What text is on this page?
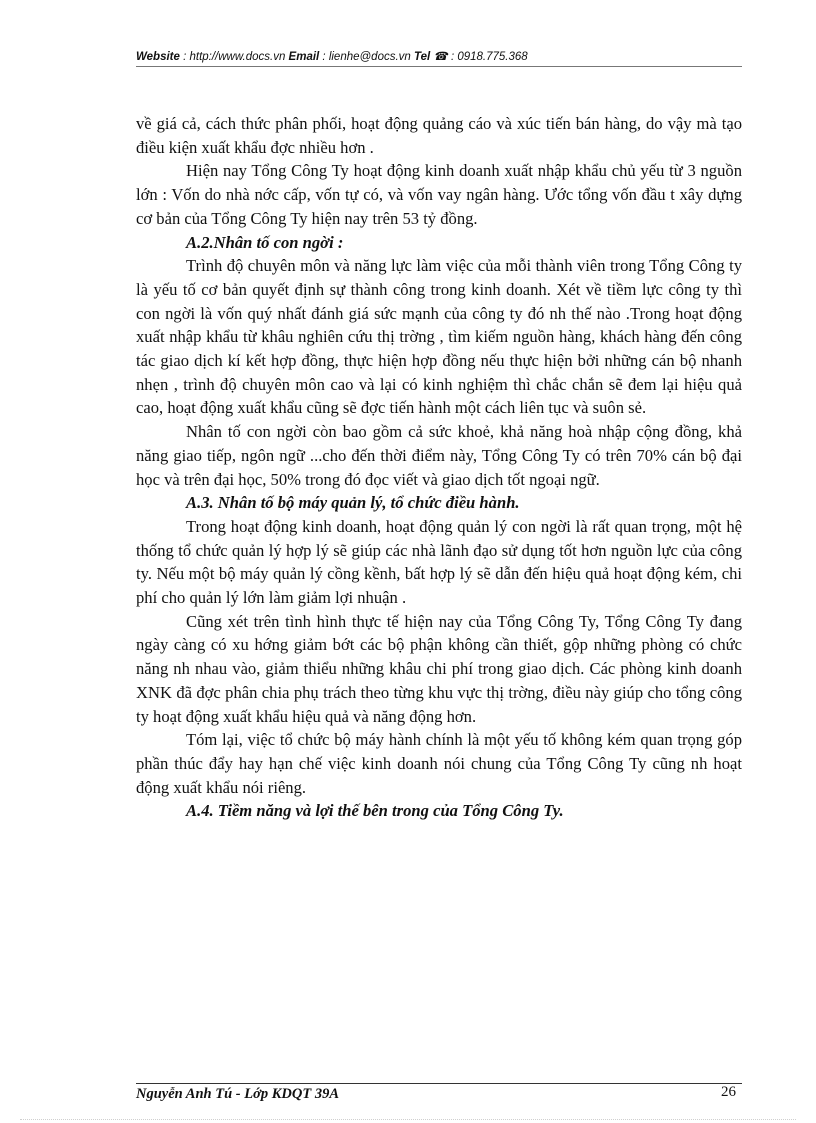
Website : http://www.docs.vn Email : lienhe@docs.vn Tel ☎ : 0918.775.368

về giá cả, cách thức phân phối, hoạt động quảng cáo và xúc tiến bán hàng, do vậy mà tạo điều kiện xuất khẩu đợc nhiều hơn .

Hiện nay Tổng Công Ty hoạt động kinh doanh xuất nhập khẩu chủ yếu từ 3 nguồn lớn : Vốn do nhà nớc cấp, vốn tự có, và vốn vay ngân hàng. Ước tổng vốn đầu t xây dựng cơ bản của Tổng Công Ty hiện nay trên 53 tỷ đồng.

A.2.Nhân tố con ngời :

Trình độ chuyên môn và năng lực làm việc của mỗi thành viên trong Tổng Công ty là yếu tố cơ bản quyết định sự thành công trong kinh doanh. Xét về tiềm lực công ty thì con ngời là vốn quý nhất đánh giá sức mạnh của công ty đó nh thế nào .Trong hoạt động xuất nhập khẩu từ khâu nghiên cứu thị trờng , tìm kiếm nguồn hàng, khách hàng đến công tác giao dịch kí kết hợp đồng, thực hiện hợp đồng nếu thực hiện bởi những cán bộ nhanh nhẹn , trình độ chuyên môn cao và lại có kinh nghiệm thì chắc chắn sẽ đem lại hiệu quả cao, hoạt động xuất khẩu cũng sẽ đợc tiến hành một cách liên tục và suôn sẻ.

Nhân tố con ngời còn bao gồm cả sức khoẻ, khả năng hoà nhập cộng đồng, khả năng giao tiếp, ngôn ngữ ...cho đến thời điểm này, Tổng Công Ty có trên 70% cán bộ đại học và trên đại học, 50% trong đó đọc viết và giao dịch tốt ngoại ngữ.

A.3. Nhân tố bộ máy quản lý, tổ chức điều hành.

Trong hoạt động kinh doanh, hoạt động quản lý con ngời là rất quan trọng, một hệ thống tổ chức quản lý hợp lý sẽ giúp các nhà lãnh đạo sử dụng tốt hơn nguồn lực của công ty. Nếu một bộ máy quản lý cồng kềnh, bất hợp lý sẽ dẫn đến hiệu quả hoạt động kém, chi phí cho quản lý lớn làm giảm lợi nhuận .

Cũng xét trên tình hình thực tế hiện nay của Tổng Công Ty, Tổng Công Ty đang ngày càng có xu hớng giảm bớt các bộ phận không cần thiết, gộp những phòng có chức năng nh nhau vào, giảm thiểu những khâu chi phí trong giao dịch. Các phòng kinh doanh XNK đã đợc phân chia phụ trách theo từng khu vực thị trờng, điều này giúp cho tổng công ty hoạt động xuất khẩu hiệu quả và năng động hơn.

Tóm lại, việc tổ chức bộ máy hành chính là một yếu tố không kém quan trọng góp phần thúc đẩy hay hạn chế việc kinh doanh nói chung của Tổng Công Ty cũng nh hoạt động xuất khẩu nói riêng.

A.4. Tiềm năng và lợi thế bên trong của Tổng Công Ty.
Nguyễn Anh Tú - Lớp KDQT 39A	26
